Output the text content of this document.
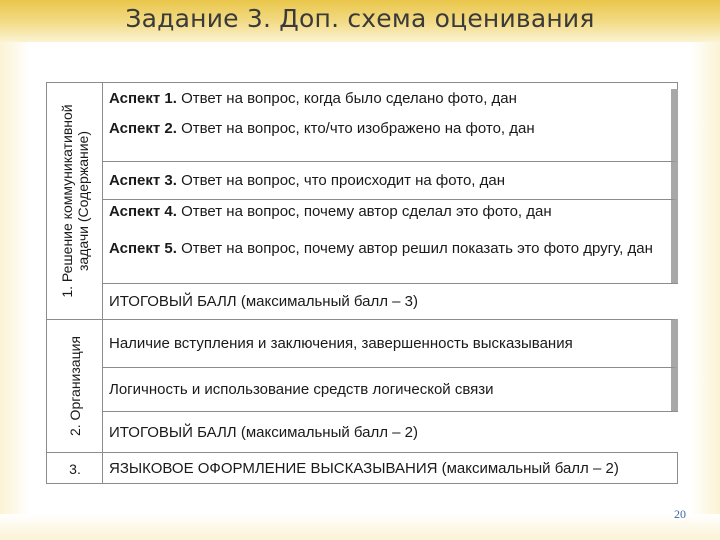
Задание 3. Доп. схема оценивания
1. Решение коммуникативной задачи (Содержание)
2. Организация
3.
Аспект 1. Ответ на вопрос, когда было сделано фото, дан
Аспект 2. Ответ на вопрос, кто/что изображено на фото, дан
Аспект 3. Ответ на вопрос, что происходит на фото, дан
Аспект 4. Ответ на вопрос, почему автор сделал это фото, дан
Аспект 5. Ответ на вопрос, почему автор решил показать это фото другу, дан
ИТОГОВЫЙ БАЛЛ (максимальный балл – 3)
Наличие вступления и заключения, завершенность высказывания
Логичность и использование средств логической связи
ИТОГОВЫЙ БАЛЛ (максимальный балл – 2)
ЯЗЫКОВОЕ ОФОРМЛЕНИЕ ВЫСКАЗЫВАНИЯ (максимальный балл – 2)
20
